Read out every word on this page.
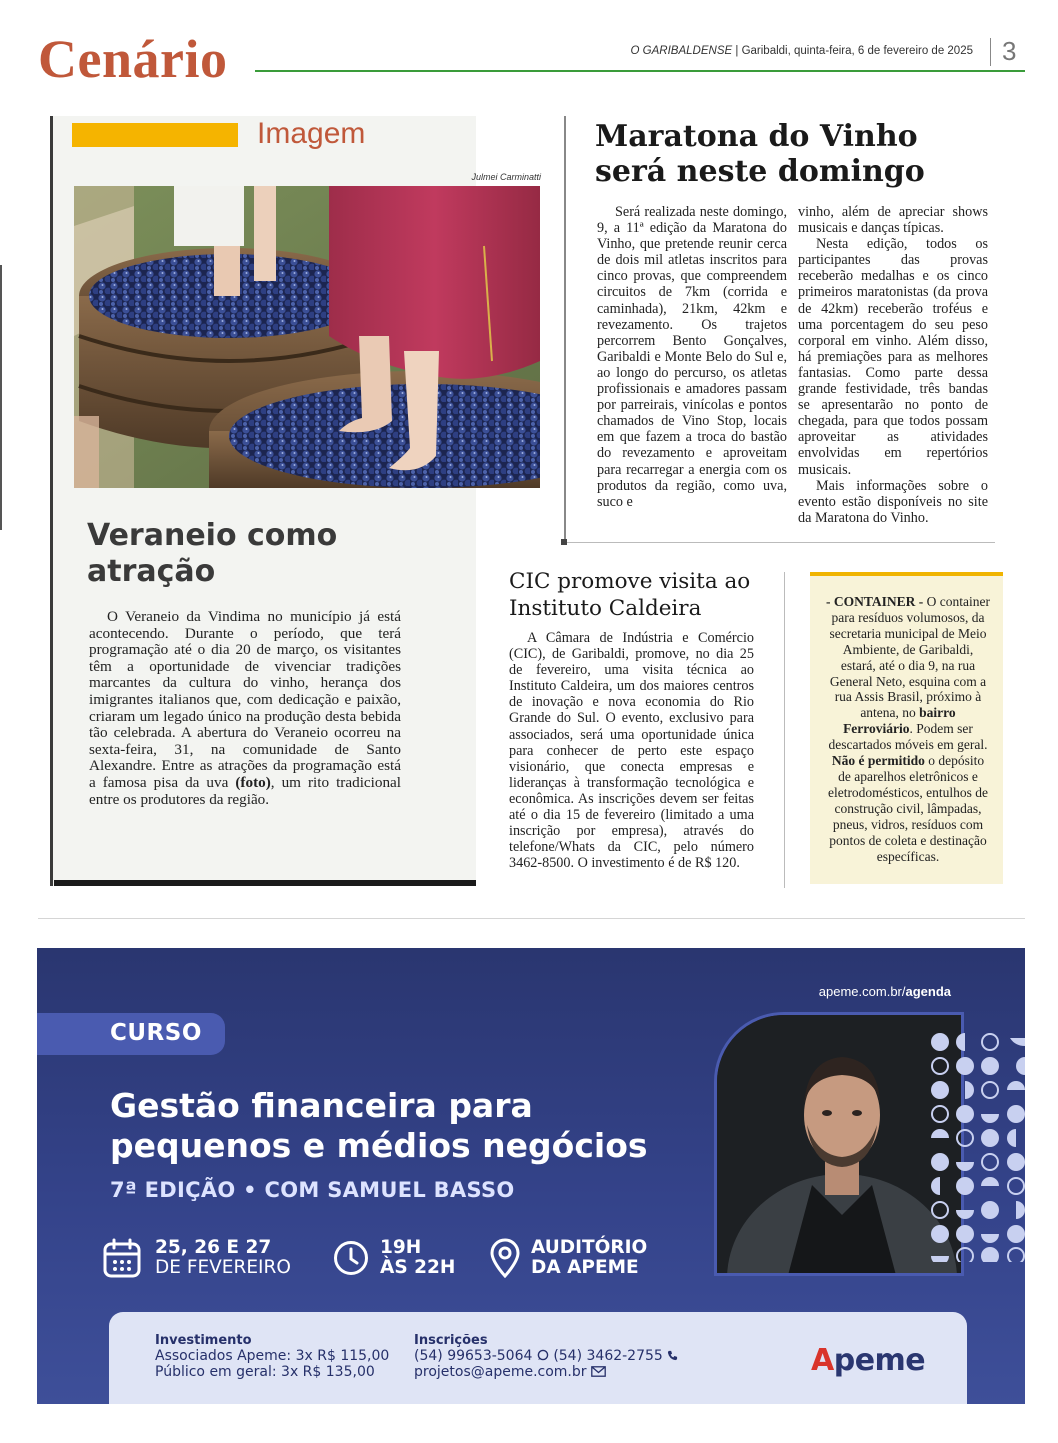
Cenário	O GARIBALDENSE | Garibaldi, quinta-feira, 6 de fevereiro de 2025 3
Imagem
Julmei Carminatti
Veraneio como
atração
O Veraneio da Vindima no município já está acontecendo. Durante o período, que terá programação até o dia 20 de março, os visitantes têm a oportunidade de vivenciar tradições marcantes da cultura do vinho, herança dos imigrantes italianos que, com dedicação e paixão, criaram um legado único na produção desta bebida tão celebrada. A abertura do Veraneio ocorreu na sexta-feira, 31, na comunidade de Santo Alexandre. Entre as atrações da programação está a famosa pisa da uva (foto), um rito tradicional entre os produtores da região.
Maratona do Vinho
será neste domingo
Será realizada neste domingo, 9, a 11ª edição da Maratona do Vinho, que pretende reunir cerca de dois mil atletas inscritos para cinco provas, que compreendem circuitos de 7km (corrida e caminhada), 21km, 42km e revezamento. Os trajetos percorrem Bento Gonçalves, Garibaldi e Monte Belo do Sul e, ao longo do percurso, os atletas profissionais e amadores passam por parreirais, vinícolas e pontos chamados de Vino Stop, locais em que fazem a troca do bastão do revezamento e aproveitam para recarregar a energia com os produtos da região, como uva, suco e

vinho, além de apreciar shows musicais e danças típicas.

Nesta edição, todos os participantes das provas receberão medalhas e os cinco primeiros maratonistas (da prova de 42km) receberão troféus e uma porcentagem do seu peso corporal em vinho. Além disso, há premiações para as melhores fantasias. Como parte dessa grande festividade, três bandas se apresentarão no ponto de chegada, para que todos possam aproveitar as atividades envolvidas em repertórios musicais.

Mais informações sobre o evento estão disponíveis no site da Maratona do Vinho.

CIC promove visita ao
Instituto Caldeira
A Câmara de Indústria e Comércio (CIC), de Garibaldi, promove, no dia 25 de fevereiro, uma visita técnica ao Instituto Caldeira, um dos maiores centros de inovação e nova economia do Rio Grande do Sul. O evento, exclusivo para associados, será uma oportunidade única para conhecer de perto este espaço visionário, que conecta empresas e lideranças à transformação tecnológica e econômica. As inscrições devem ser feitas até o dia 15 de fevereiro (limitado a uma inscrição por empresa), através do telefone/Whats da CIC, pelo número 3462-8500. O investimento é de R$ 120.
- CONTAINER - O container para resíduos volumosos, da secretaria municipal de Meio Ambiente, de Garibaldi, estará, até o dia 9, na rua General Neto, esquina com a rua Assis Brasil, próximo à antena, no bairro Ferroviário. Podem ser descartados móveis em geral. Não é permitido o depósito de aparelhos eletrônicos e eletrodomésticos, entulhos de construção civil, lâmpadas, pneus, vidros, resíduos com pontos de coleta e destinação específicas.
apeme.com.br/agenda
CURSO
Gestão financeira para
pequenos e médios negócios
7ª EDIÇÃO • COM SAMUEL BASSO
25, 26 E 27
DE FEVEREIRO
19H
ÀS 22H
AUDITÓRIO
DA APEME
Investimento
Associados Apeme: 3x R$ 115,00
Público em geral: 3x R$ 135,00
Inscrições
(54) 99653-5064 (54) 3462-2755
projetos@apeme.com.br	Apeme
